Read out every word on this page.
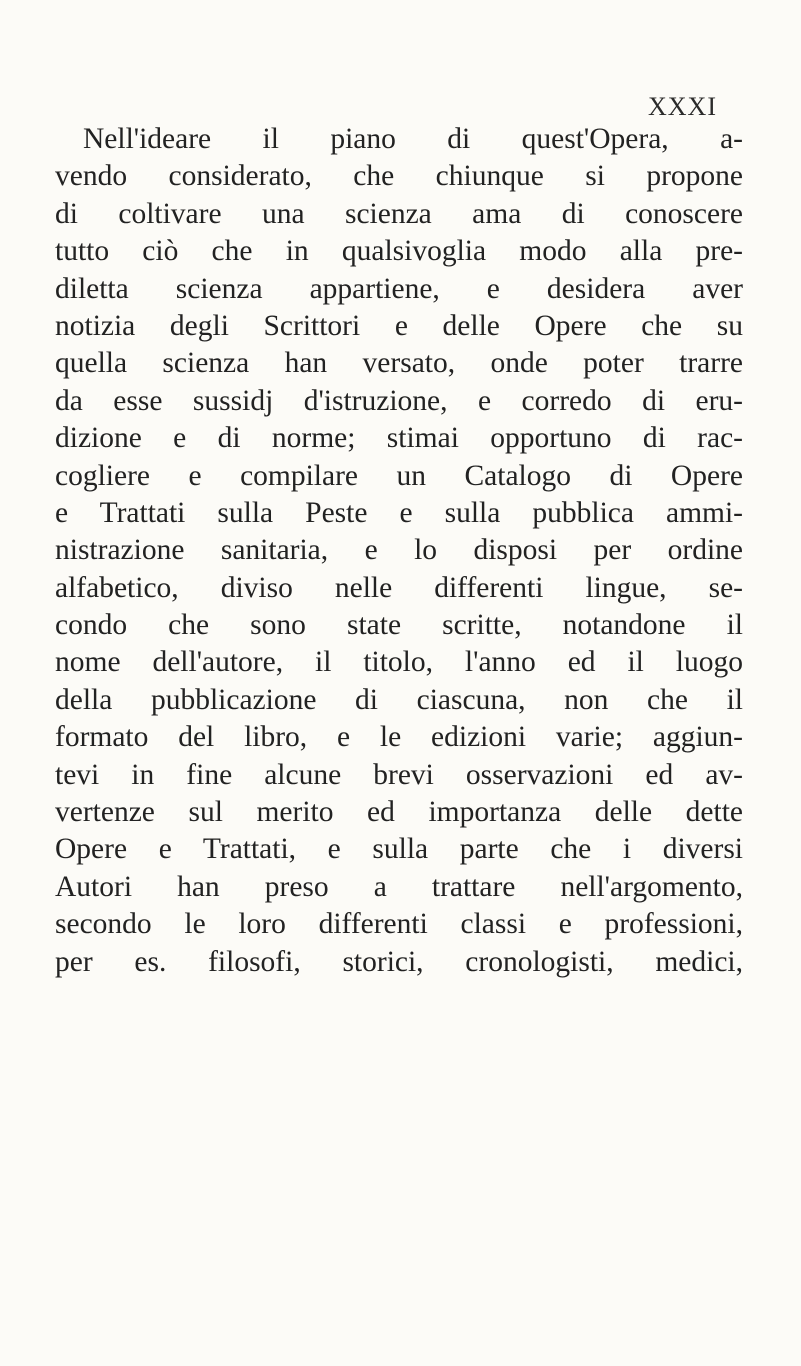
XXXI
Nell'ideare il piano di quest'Opera, a-
vendo considerato, che chiunque si propone
di coltivare una scienza ama di conoscere
tutto ciò che in qualsivoglia modo alla pre-
diletta scienza appartiene, e desidera aver
notizia degli Scrittori e delle Opere che su
quella scienza han versato, onde poter trarre
da esse sussidj d'istruzione, e corredo di eru-
dizione e di norme; stimai opportuno di rac-
cogliere e compilare un Catalogo di Opere
e Trattati sulla Peste e sulla pubblica ammi-
nistrazione sanitaria, e lo disposi per ordine
alfabetico, diviso nelle differenti lingue, se-
condo che sono state scritte, notandone il
nome dell'autore, il titolo, l'anno ed il luogo
della pubblicazione di ciascuna, non che il
formato del libro, e le edizioni varie; aggiun-
tevi in fine alcune brevi osservazioni ed av-
vertenze sul merito ed importanza delle dette
Opere e Trattati, e sulla parte che i diversi
Autori han preso a trattare nell'argomento,
secondo le loro differenti classi e professioni,
per es. filosofi, storici, cronologisti, medici,
